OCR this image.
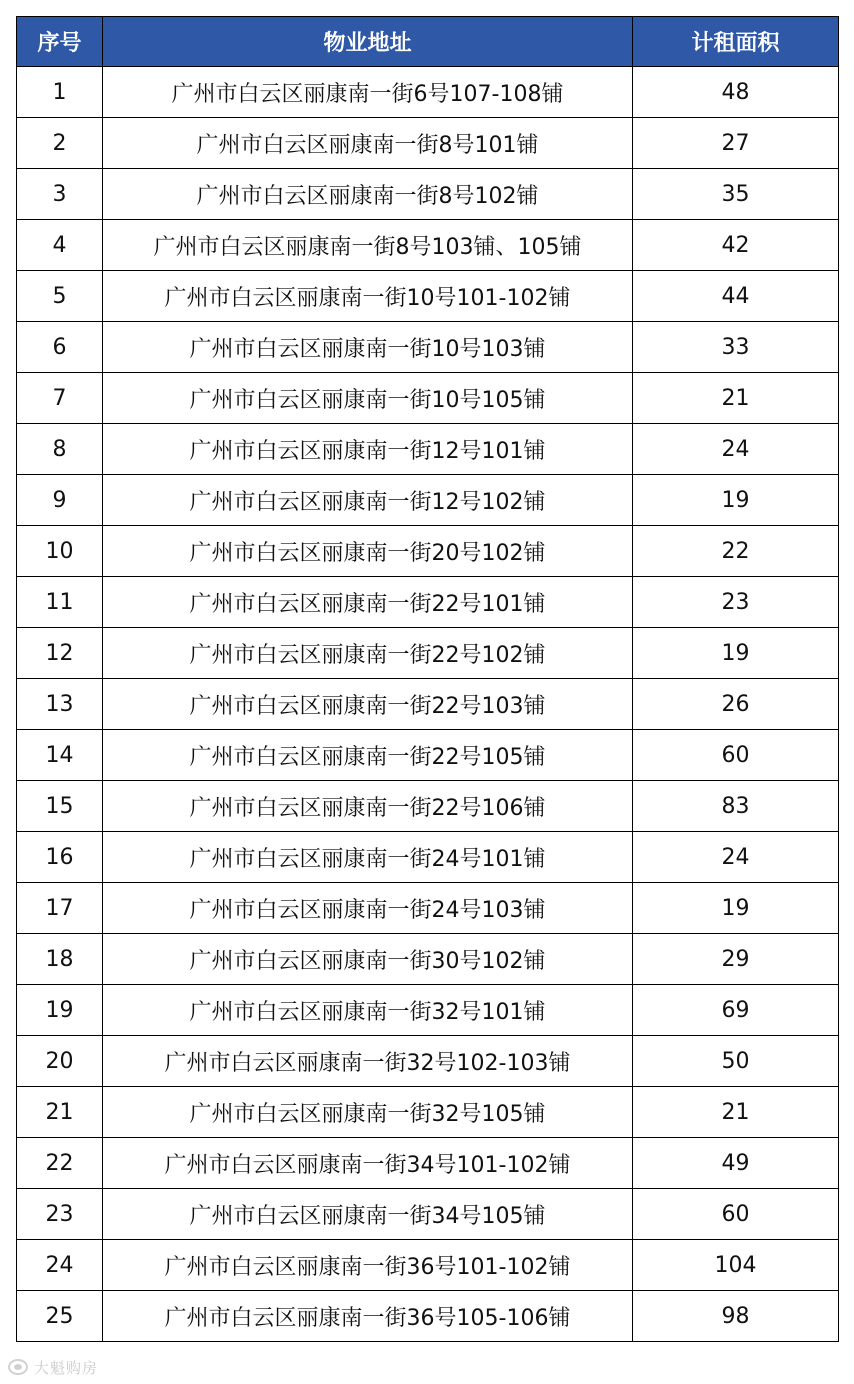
序号	物业地址	计租面积
1	广州市白云区丽康南一街6号107-108铺	48
2	广州市白云区丽康南一街8号101铺	27
3	广州市白云区丽康南一街8号102铺	35
4	广州市白云区丽康南一街8号103铺、105铺	42
5	广州市白云区丽康南一街10号101-102铺	44
6	广州市白云区丽康南一街10号103铺	33
7	广州市白云区丽康南一街10号105铺	21
8	广州市白云区丽康南一街12号101铺	24
9	广州市白云区丽康南一街12号102铺	19
10	广州市白云区丽康南一街20号102铺	22
11	广州市白云区丽康南一街22号101铺	23
12	广州市白云区丽康南一街22号102铺	19
13	广州市白云区丽康南一街22号103铺	26
14	广州市白云区丽康南一街22号105铺	60
15	广州市白云区丽康南一街22号106铺	83
16	广州市白云区丽康南一街24号101铺	24
17	广州市白云区丽康南一街24号103铺	19
18	广州市白云区丽康南一街30号102铺	29
19	广州市白云区丽康南一街32号101铺	69
20	广州市白云区丽康南一街32号102-103铺	50
21	广州市白云区丽康南一街32号105铺	21
22	广州市白云区丽康南一街34号101-102铺	49
23	广州市白云区丽康南一街34号105铺	60
24	广州市白云区丽康南一街36号101-102铺	104
25	广州市白云区丽康南一街36号105-106铺	98
大魁购房
